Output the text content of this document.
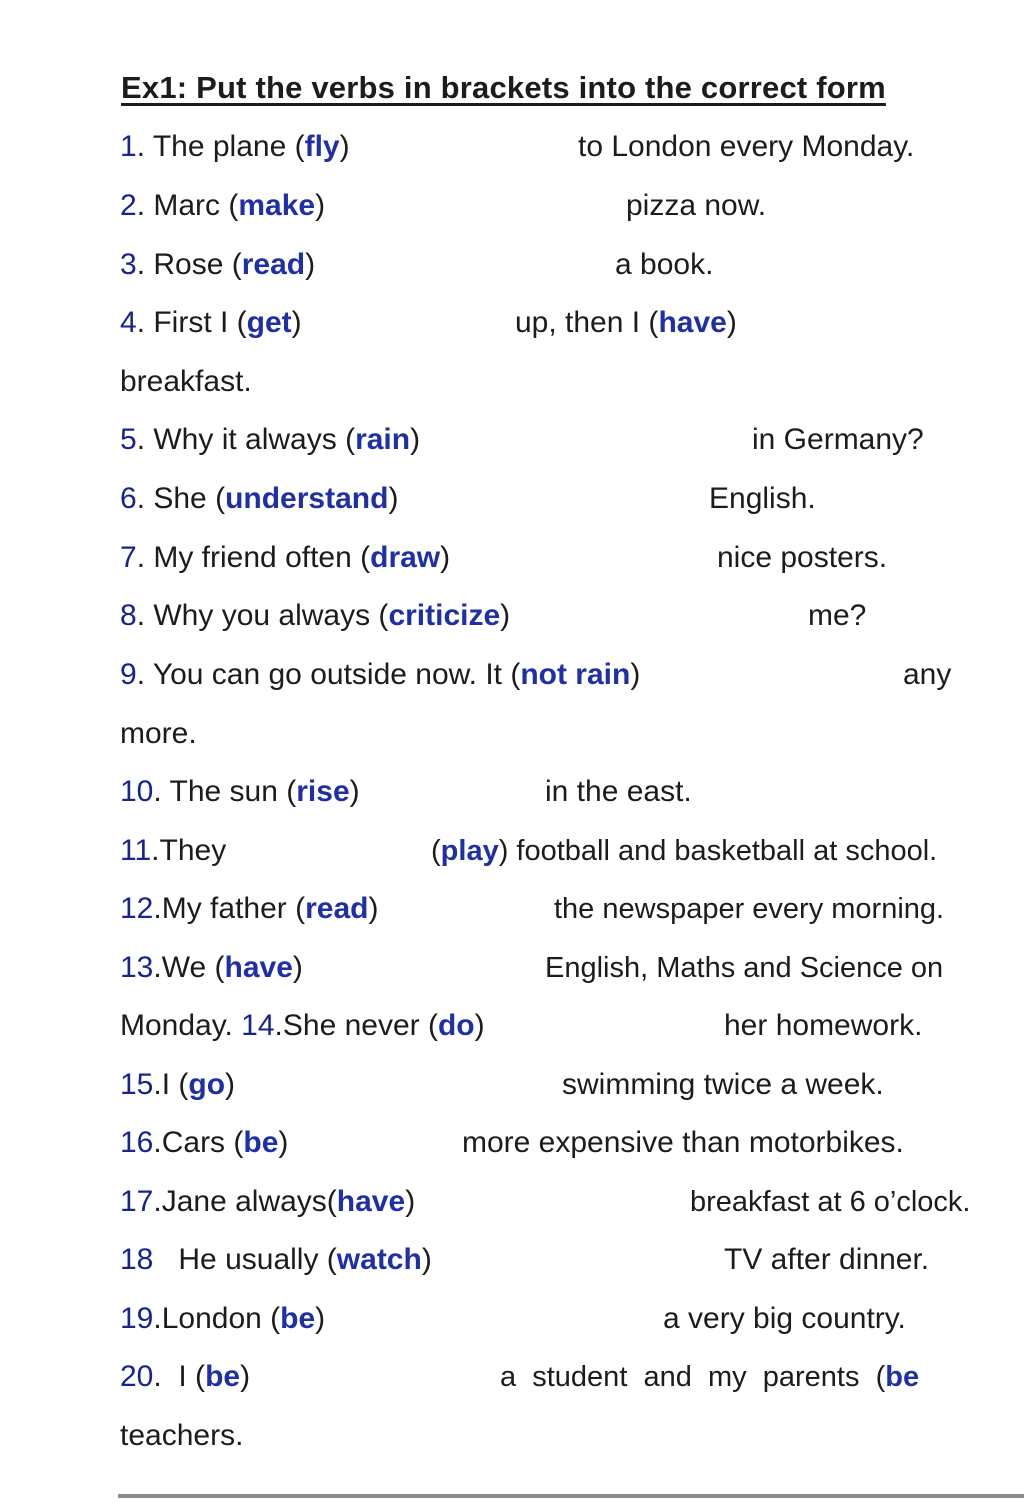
Ex1: Put the verbs in brackets into the correct form
1. The plane (fly)	to London every Monday.
2. Marc (make)	pizza now.
3. Rose (read)	a book.
4. First I (get)	up, then I (have)
breakfast.
5. Why it always (rain)	in Germany?
6. She (understand)	English.
7. My friend often (draw)	nice posters.
8. Why you always (criticize)	me?
9. You can go outside now. It (not rain)	any
more.
10. The sun (rise)	in the east.
11.They	(play) football and basketball at school.
12.My father (read)	the newspaper every morning.
13.We (have)	English, Maths and Science on
Monday. 14.She never (do)	her homework.
15.I (go)	swimming twice a week.
16.Cars (be)	more expensive than motorbikes.
17.Jane always(have)	breakfast at 6 o’clock.
18 He usually (watch)	TV after dinner.
19.London (be)	a very big country.
20.  I (be)	a  student  and  my  parents  (be
teachers.
